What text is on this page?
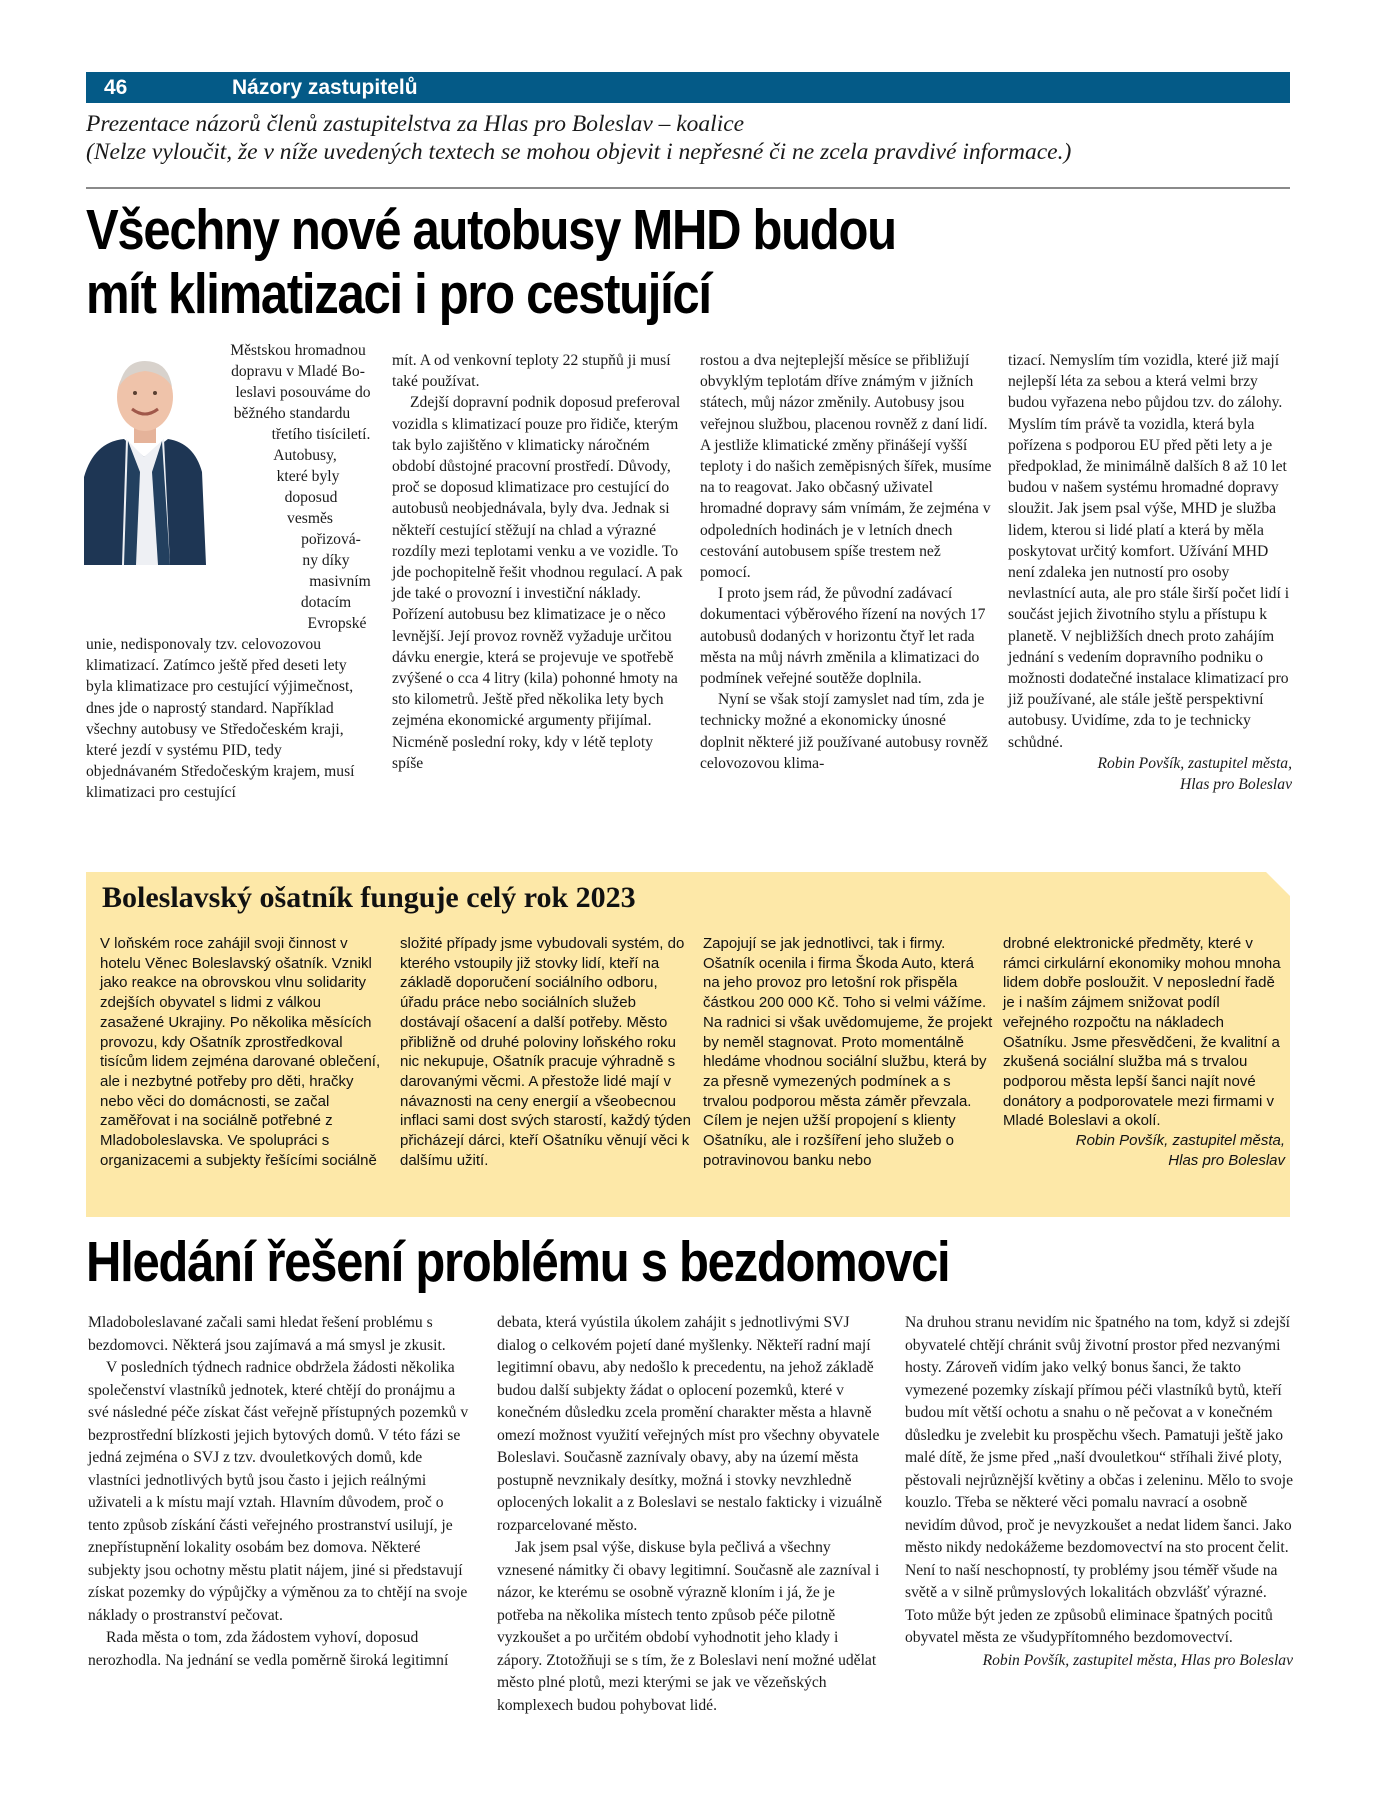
46	Názory zastupitelů
Prezentace názorů členů zastupitelstva za Hlas pro Boleslav – koalice
(Nelze vyloučit, že v níže uvedených textech se mohou objevit i nepřesné či ne zcela pravdivé informace.)
Všechny nové autobusy MHD budou
mít klimatizaci i pro cestující
Městskou hromadnou
dopravu v Mladé Bo-
leslavi posouváme do
běžného standardu
třetího tisíciletí.
Autobusy,
které byly
doposud
vesměs
pořizová-
ny díky
masivním
dotacím
Evropské

unie, nedisponovaly tzv. celovozovou klimatizací. Zatímco ještě před deseti lety byla klimatizace pro cestující výjimečnost, dnes jde o naprostý standard. Například všechny autobusy ve Středočeském kraji, které jezdí v systému PID, tedy objednávaném Středočeským krajem, musí klimatizaci pro cestující

mít. A od venkovní teploty 22 stupňů ji musí také používat.

Zdejší dopravní podnik doposud preferoval vozidla s klimatizací pouze pro řidiče, kterým tak bylo zajištěno v klimaticky náročném období důstojné pracovní prostředí. Důvody, proč se doposud klimatizace pro cestující do autobusů neobjednávala, byly dva. Jednak si někteří cestující stěžují na chlad a výrazné rozdíly mezi teplotami venku a ve vozidle. To jde pochopitelně řešit vhodnou regulací. A pak jde také o provozní i investiční náklady. Pořízení autobusu bez klimatizace je o něco levnější. Její provoz rovněž vyžaduje určitou dávku energie, která se projevuje ve spotřebě zvýšené o cca 4 litry (kila) pohonné hmoty na sto kilometrů. Ještě před několika lety bych zejména ekonomické argumenty přijímal. Nicméně poslední roky, kdy v létě teploty spíše

rostou a dva nejteplejší měsíce se přibližují obvyklým teplotám dříve známým v jižních státech, můj názor změnily. Autobusy jsou veřejnou službou, placenou rovněž z daní lidí. A jestliže klimatické změny přinášejí vyšší teploty i do našich zeměpisných šířek, musíme na to reagovat. Jako občasný uživatel hromadné dopravy sám vnímám, že zejména v odpoledních hodinách je v letních dnech cestování autobusem spíše trestem než pomocí.

I proto jsem rád, že původní zadávací dokumentaci výběrového řízení na nových 17 autobusů dodaných v horizontu čtyř let rada města na můj návrh změnila a klimatizaci do podmínek veřejné soutěže doplnila.

Nyní se však stojí zamyslet nad tím, zda je technicky možné a ekonomicky únosné doplnit některé již používané autobusy rovněž celovozovou klima-

tizací. Nemyslím tím vozidla, které již mají nejlepší léta za sebou a která velmi brzy budou vyřazena nebo půjdou tzv. do zálohy. Myslím tím právě ta vozidla, která byla pořízena s podporou EU před pěti lety a je předpoklad, že minimálně dalších 8 až 10 let budou v našem systému hromadné dopravy sloužit. Jak jsem psal výše, MHD je služba lidem, kterou si lidé platí a která by měla poskytovat určitý komfort. Užívání MHD není zdaleka jen nutností pro osoby nevlastnící auta, ale pro stále širší počet lidí i součást jejich životního stylu a přístupu k planetě. V nejbližších dnech proto zahájím jednání s vedením dopravního podniku o možnosti dodatečné instalace klimatizací pro již používané, ale stále ještě perspektivní autobusy. Uvidíme, zda to je technicky schůdné.

Robin Povšík, zastupitel města,

Hlas pro Boleslav

Boleslavský ošatník funguje celý rok 2023

V loňském roce zahájil svoji činnost v hotelu Věnec Boleslavský ošatník. Vznikl jako reakce na obrovskou vlnu solidarity zdejších obyvatel s lidmi z válkou zasažené Ukrajiny. Po několika měsících provozu, kdy Ošatník zprostředkoval tisícům lidem zejména darované oblečení, ale i nezbytné potřeby pro děti, hračky nebo věci do domácnosti, se začal zaměřovat i na sociálně potřebné z Mladoboleslavska. Ve spolupráci s organizacemi a subjekty řešícími sociálně

složité případy jsme vybudovali systém, do kterého vstoupily již stovky lidí, kteří na základě doporučení sociálního odboru, úřadu práce nebo sociálních služeb dostávají ošacení a další potřeby. Město přibližně od druhé poloviny loňského roku nic nekupuje, Ošatník pracuje výhradně s darovanými věcmi. A přestože lidé mají v návaznosti na ceny energií a všeobecnou inflaci sami dost svých starostí, každý týden přicházejí dárci, kteří Ošatníku věnují věci k dalšímu užití.

Zapojují se jak jednotlivci, tak i firmy. Ošatník ocenila i firma Škoda Auto, která na jeho provoz pro letošní rok přispěla částkou 200 000 Kč. Toho si velmi vážíme. Na radnici si však uvědomujeme, že projekt by neměl stagnovat. Proto momentálně hledáme vhodnou sociální službu, která by za přesně vymezených podmínek a s trvalou podporou města záměr převzala. Cílem je nejen užší propojení s klienty Ošatníku, ale i rozšíření jeho služeb o potravinovou banku nebo

drobné elektronické předměty, které v rámci cirkulární ekonomiky mohou mnoha lidem dobře posloužit. V neposlední řadě je i naším zájmem snižovat podíl veřejného rozpočtu na nákladech Ošatníku. Jsme přesvědčeni, že kvalitní a zkušená sociální služba má s trvalou podporou města lepší šanci najít nové donátory a podporovatele mezi firmami v Mladé Boleslavi a okolí.

Robin Povšík, zastupitel města,

Hlas pro Boleslav

Hledání řešení problému s bezdomovci

Mladoboleslavané začali sami hledat řešení problému s bezdomovci. Některá jsou zajímavá a má smysl je zkusit.

V posledních týdnech radnice obdržela žádosti několika společenství vlastníků jednotek, které chtějí do pronájmu a své následné péče získat část veřejně přístupných pozemků v bezprostřední blízkosti jejich bytových domů. V této fázi se jedná zejména o SVJ z tzv. dvouletkových domů, kde vlastníci jednotlivých bytů jsou často i jejich reálnými uživateli a k místu mají vztah. Hlavním důvodem, proč o tento způsob získání části veřejného prostranství usilují, je znepřístupnění lokality osobám bez domova. Některé subjekty jsou ochotny městu platit nájem, jiné si představují získat pozemky do výpůjčky a výměnou za to chtějí na svoje náklady o prostranství pečovat.

Rada města o tom, zda žádostem vyhoví, doposud nerozhodla. Na jednání se vedla poměrně široká legitimní

debata, která vyústila úkolem zahájit s jednotlivými SVJ dialog o celkovém pojetí dané myšlenky. Někteří radní mají legitimní obavu, aby nedošlo k precedentu, na jehož základě budou další subjekty žádat o oplocení pozemků, které v konečném důsledku zcela promění charakter města a hlavně omezí možnost využití veřejných míst pro všechny obyvatele Boleslavi. Současně zaznívaly obavy, aby na území města postupně nevznikaly desítky, možná i stovky nevzhledně oplocených lokalit a z Boleslavi se nestalo fakticky i vizuálně rozparcelované město.

Jak jsem psal výše, diskuse byla pečlivá a všechny vznesené námitky či obavy legitimní. Současně ale zazníval i názor, ke kterému se osobně výrazně kloním i já, že je potřeba na několika místech tento způsob péče pilotně vyzkoušet a po určitém období vyhodnotit jeho klady i zápory. Ztotožňuji se s tím, že z Boleslavi není možné udělat město plné plotů, mezi kterými se jak ve vězeňských komplexech budou pohybovat lidé.

Na druhou stranu nevidím nic špatného na tom, když si zdejší obyvatelé chtějí chránit svůj životní prostor před nezvanými hosty. Zároveň vidím jako velký bonus šanci, že takto vymezené pozemky získají přímou péči vlastníků bytů, kteří budou mít větší ochotu a snahu o ně pečovat a v konečném důsledku je zvelebit ku prospěchu všech. Pamatuji ještě jako malé dítě, že jsme před „naší dvouletkou“ stříhali živé ploty, pěstovali nejrůznější květiny a občas i zeleninu. Mělo to svoje kouzlo. Třeba se některé věci pomalu navrací a osobně nevidím důvod, proč je nevyzkoušet a nedat lidem šanci. Jako město nikdy nedokážeme bezdomovectví na sto procent čelit. Není to naší neschopností, ty problémy jsou téměř všude na světě a v silně průmyslových lokalitách obzvlášť výrazné. Toto může být jeden ze způsobů eliminace špatných pocitů obyvatel města ze všudypřítomného bezdomovectví.

Robin Povšík, zastupitel města, Hlas pro Boleslav
